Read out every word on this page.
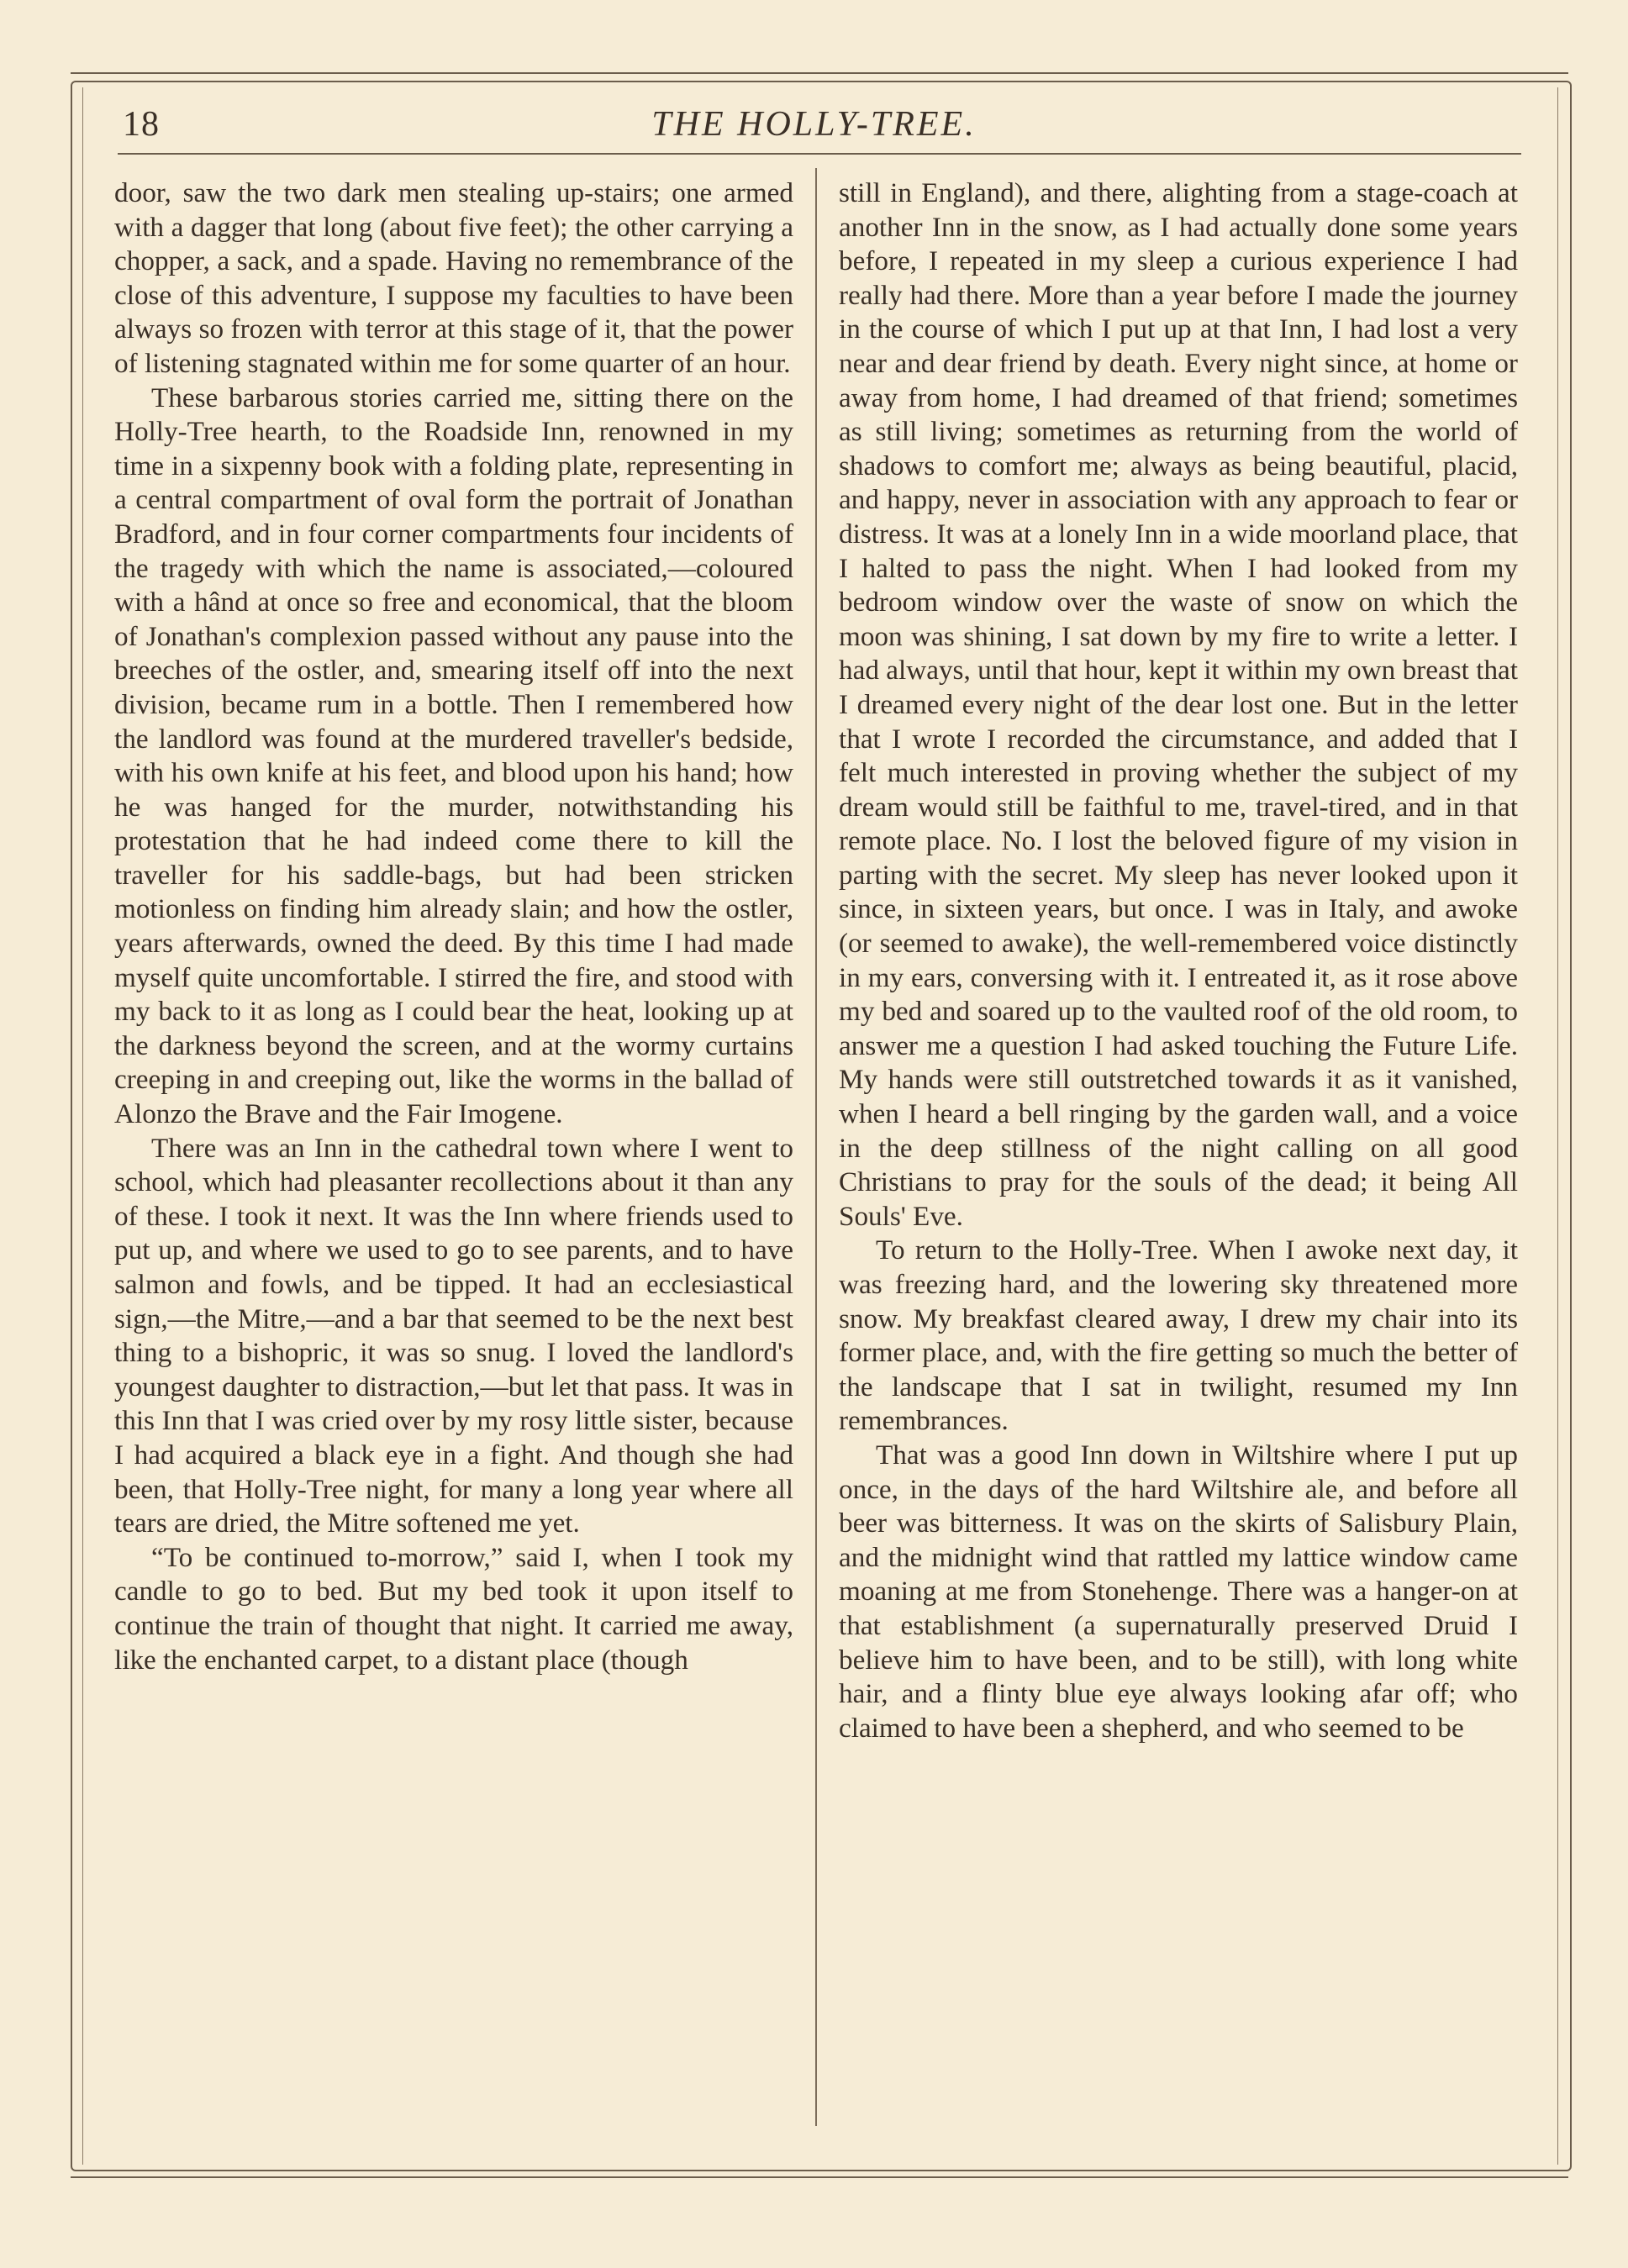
18	THE HOLLY-TREE.

door, saw the two dark men stealing up-stairs; one armed with a dagger that long (about five feet); the other carrying a chopper, a sack, and a spade. Having no remembrance of the close of this adventure, I suppose my faculties to have been always so frozen with terror at this stage of it, that the power of listening stagnated within me for some quarter of an hour.

These barbarous stories carried me, sitting there on the Holly-Tree hearth, to the Roadside Inn, renowned in my time in a sixpenny book with a folding plate, representing in a central compartment of oval form the portrait of Jonathan Bradford, and in four corner compartments four incidents of the tragedy with which the name is associated,—coloured with a hând at once so free and economical, that the bloom of Jonathan's complexion passed without any pause into the breeches of the ostler, and, smearing itself off into the next division, became rum in a bottle. Then I remembered how the landlord was found at the murdered traveller's bedside, with his own knife at his feet, and blood upon his hand; how he was hanged for the murder, notwithstanding his protestation that he had indeed come there to kill the traveller for his saddle-bags, but had been stricken motionless on finding him already slain; and how the ostler, years afterwards, owned the deed. By this time I had made myself quite uncomfortable. I stirred the fire, and stood with my back to it as long as I could bear the heat, looking up at the darkness beyond the screen, and at the wormy curtains creeping in and creeping out, like the worms in the ballad of Alonzo the Brave and the Fair Imogene.

There was an Inn in the cathedral town where I went to school, which had pleasanter recollections about it than any of these. I took it next. It was the Inn where friends used to put up, and where we used to go to see parents, and to have salmon and fowls, and be tipped. It had an ecclesiastical sign,—the Mitre,—and a bar that seemed to be the next best thing to a bishopric, it was so snug. I loved the landlord's youngest daughter to distraction,—but let that pass. It was in this Inn that I was cried over by my rosy little sister, because I had acquired a black eye in a fight. And though she had been, that Holly-Tree night, for many a long year where all tears are dried, the Mitre softened me yet.

“To be continued to-morrow,” said I, when I took my candle to go to bed. But my bed took it upon itself to continue the train of thought that night. It carried me away, like the enchanted carpet, to a distant place (though

still in England), and there, alighting from a stage-coach at another Inn in the snow, as I had actually done some years before, I repeated in my sleep a curious experience I had really had there. More than a year before I made the journey in the course of which I put up at that Inn, I had lost a very near and dear friend by death. Every night since, at home or away from home, I had dreamed of that friend; sometimes as still living; sometimes as returning from the world of shadows to comfort me; always as being beautiful, placid, and happy, never in association with any approach to fear or distress. It was at a lonely Inn in a wide moorland place, that I halted to pass the night. When I had looked from my bedroom window over the waste of snow on which the moon was shining, I sat down by my fire to write a letter. I had always, until that hour, kept it within my own breast that I dreamed every night of the dear lost one. But in the letter that I wrote I recorded the circumstance, and added that I felt much interested in proving whether the subject of my dream would still be faithful to me, travel-tired, and in that remote place. No. I lost the beloved figure of my vision in parting with the secret. My sleep has never looked upon it since, in sixteen years, but once. I was in Italy, and awoke (or seemed to awake), the well-remembered voice distinctly in my ears, conversing with it. I entreated it, as it rose above my bed and soared up to the vaulted roof of the old room, to answer me a question I had asked touching the Future Life. My hands were still outstretched towards it as it vanished, when I heard a bell ringing by the garden wall, and a voice in the deep stillness of the night calling on all good Christians to pray for the souls of the dead; it being All Souls' Eve.

To return to the Holly-Tree. When I awoke next day, it was freezing hard, and the lowering sky threatened more snow. My breakfast cleared away, I drew my chair into its former place, and, with the fire getting so much the better of the landscape that I sat in twilight, resumed my Inn remembrances.

That was a good Inn down in Wiltshire where I put up once, in the days of the hard Wiltshire ale, and before all beer was bitterness. It was on the skirts of Salisbury Plain, and the midnight wind that rattled my lattice window came moaning at me from Stonehenge. There was a hanger-on at that establishment (a supernaturally preserved Druid I believe him to have been, and to be still), with long white hair, and a flinty blue eye always looking afar off; who claimed to have been a shepherd, and who seemed to be
